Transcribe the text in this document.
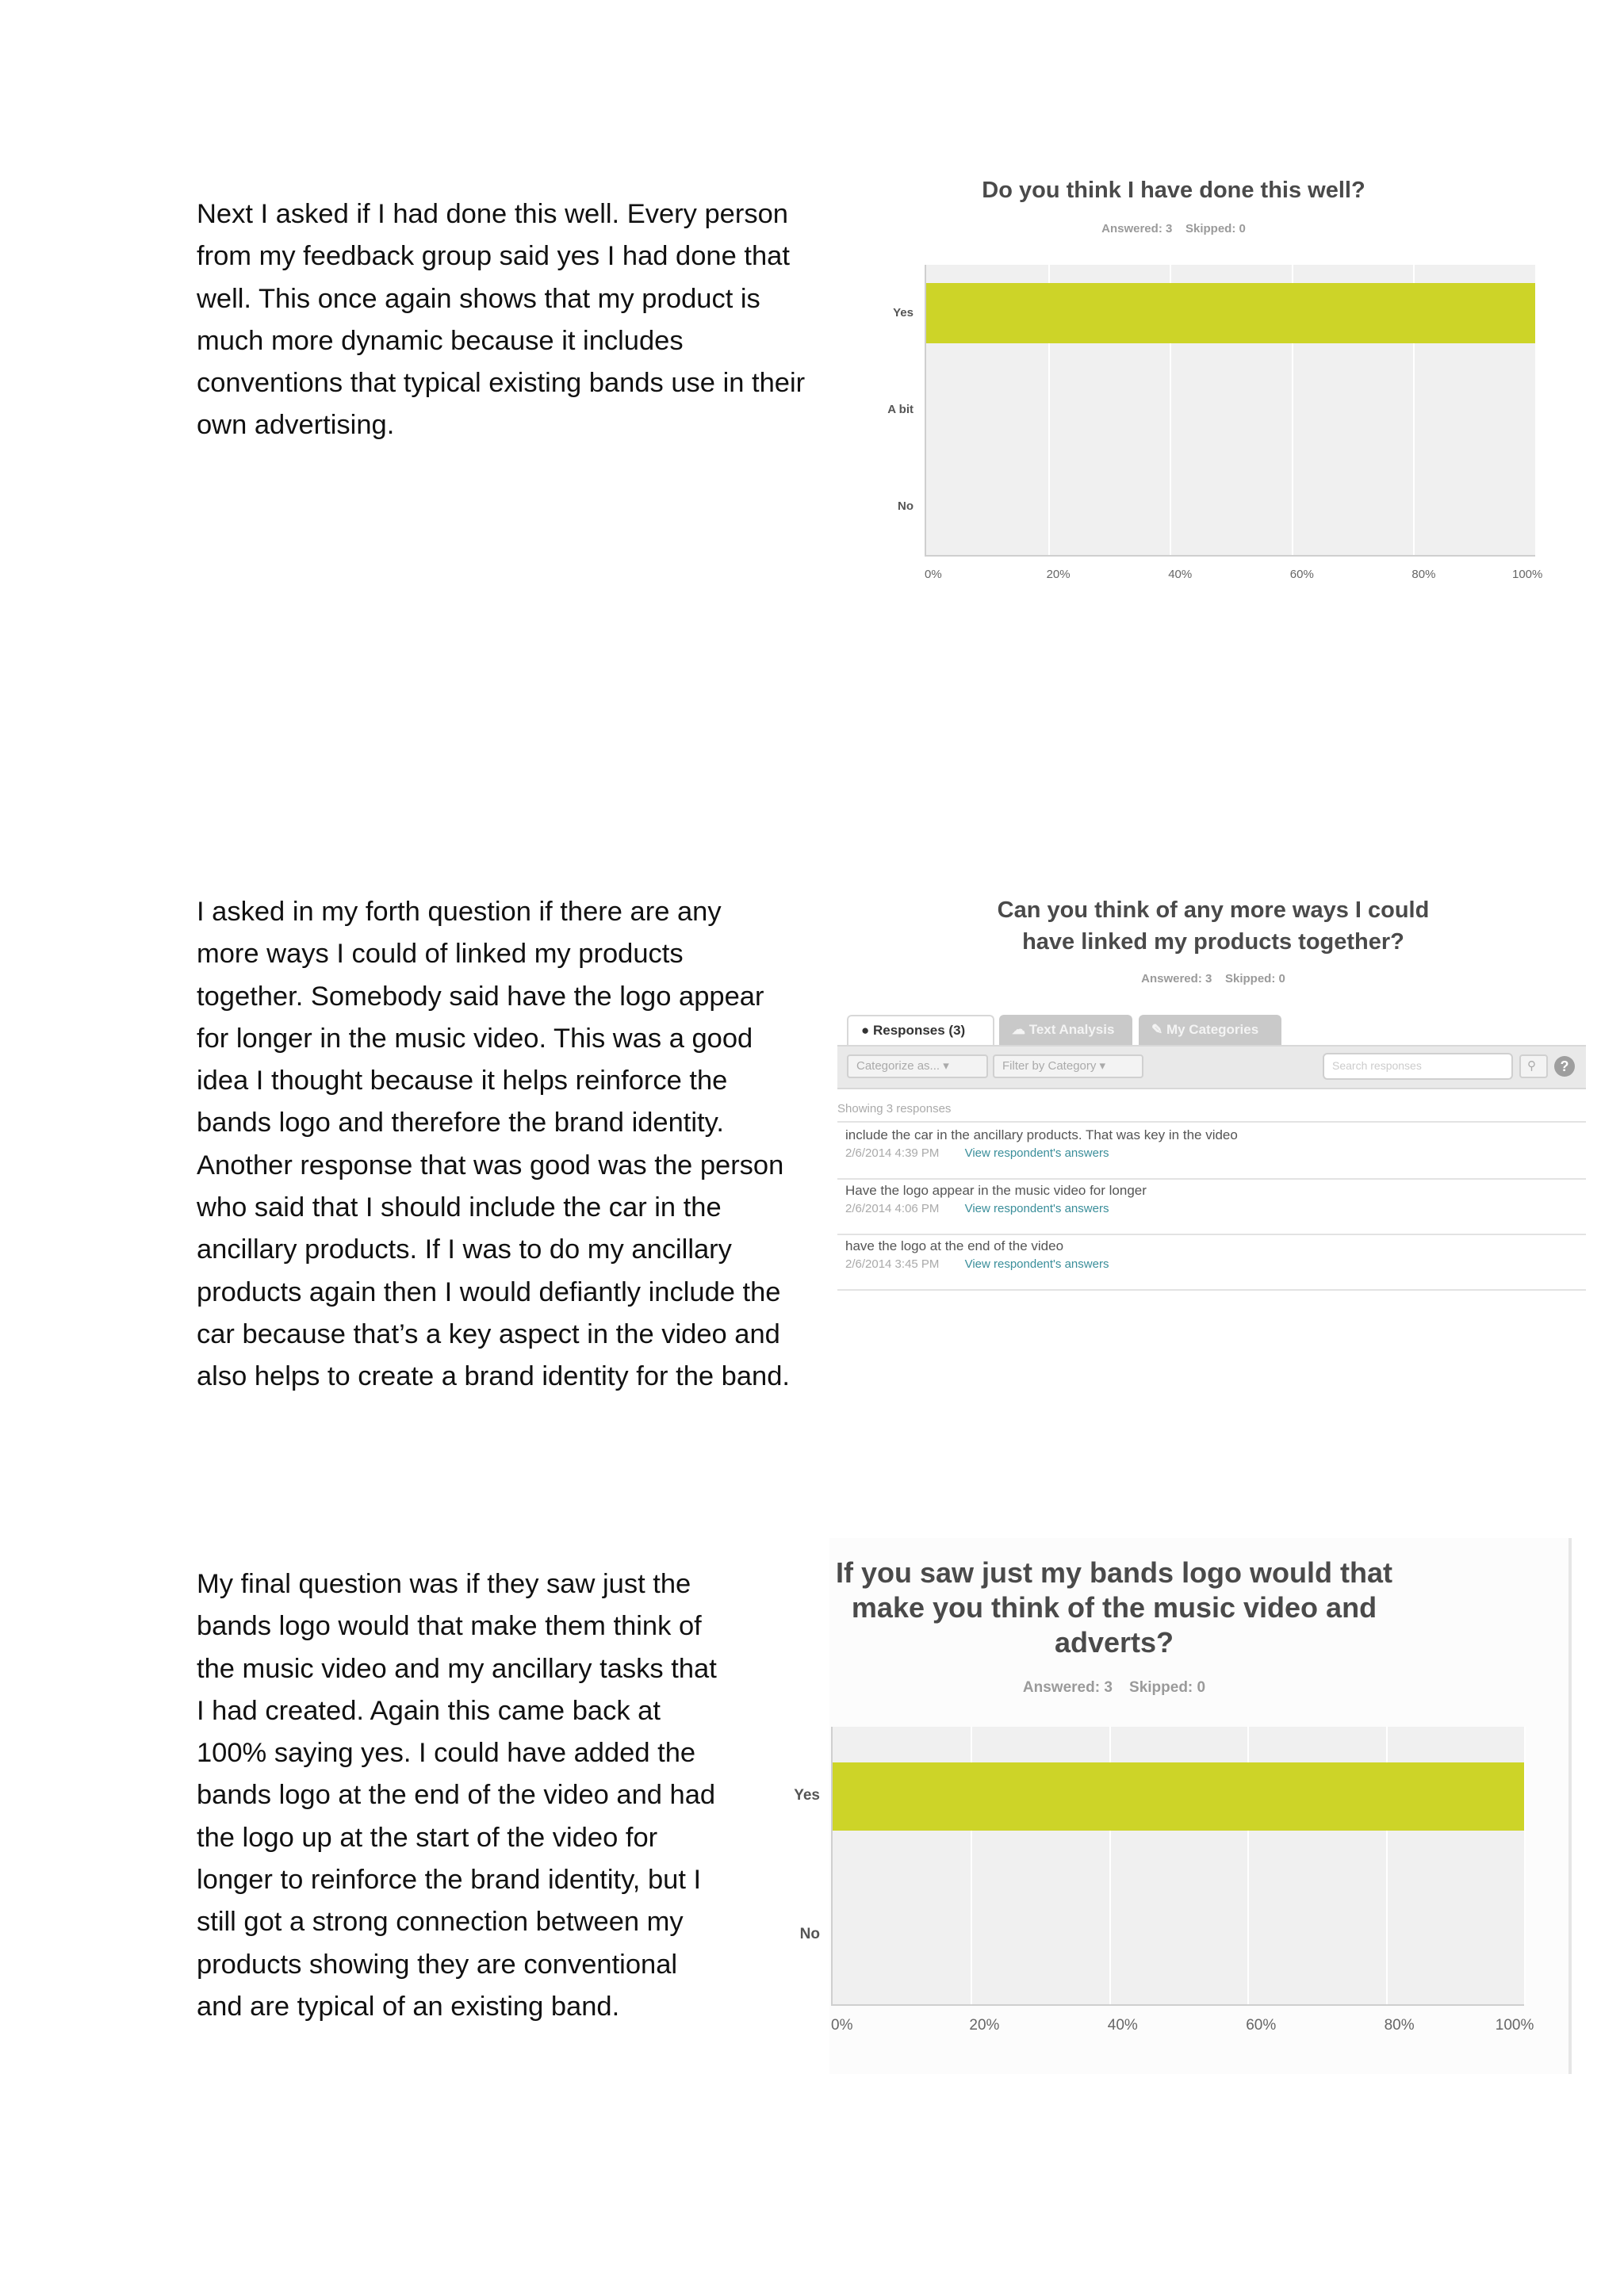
Next I asked if I had done this well. Every person
from my feedback group said yes I had done that
well. This once again shows that my product is
much more dynamic because it includes
conventions that typical existing bands use in their
own advertising.
Do you think I have done this well?
Answered: 3 Skipped: 0
Yes
A bit
No
0%	20%	40%	60%	80%	100%
I asked in my forth question if there are any
more ways I could of linked my products
together. Somebody said have the logo appear
for longer in the music video. This was a good
idea I thought because it helps reinforce the
bands logo and therefore the brand identity.
Another response that was good was the person
who said that I should include the car in the
ancillary products. If I was to do my ancillary
products again then I would defiantly include the
car because that’s a key aspect in the video and
also helps to create a brand identity for the band.
Can you think of any more ways I could
have linked my products together?
Answered: 3 Skipped: 0
● Responses (3)	☁ Text Analysis	✎ My Categories
Categorize as... ▾	Filter by Category ▾	Search responses	⚲	?
Showing 3 responses
include the car in the ancillary products. That was key in the video
2/6/2014 4:39 PM View respondent's answers
Have the logo appear in the music video for longer
2/6/2014 4:06 PM View respondent's answers
have the logo at the end of the video
2/6/2014 3:45 PM View respondent's answers
My final question was if they saw just the
bands logo would that make them think of
the music video and my ancillary tasks that
I had created. Again this came back at
100% saying yes. I could have added the
bands logo at the end of the video and had
the logo up at the start of the video for
longer to reinforce the brand identity, but I
still got a strong connection between my
products showing they are conventional
and are typical of an existing band.
If you saw just my bands logo would that
make you think of the music video and
adverts?
Answered: 3 Skipped: 0
Yes
No
0%	20%	40%	60%	80%	100%
